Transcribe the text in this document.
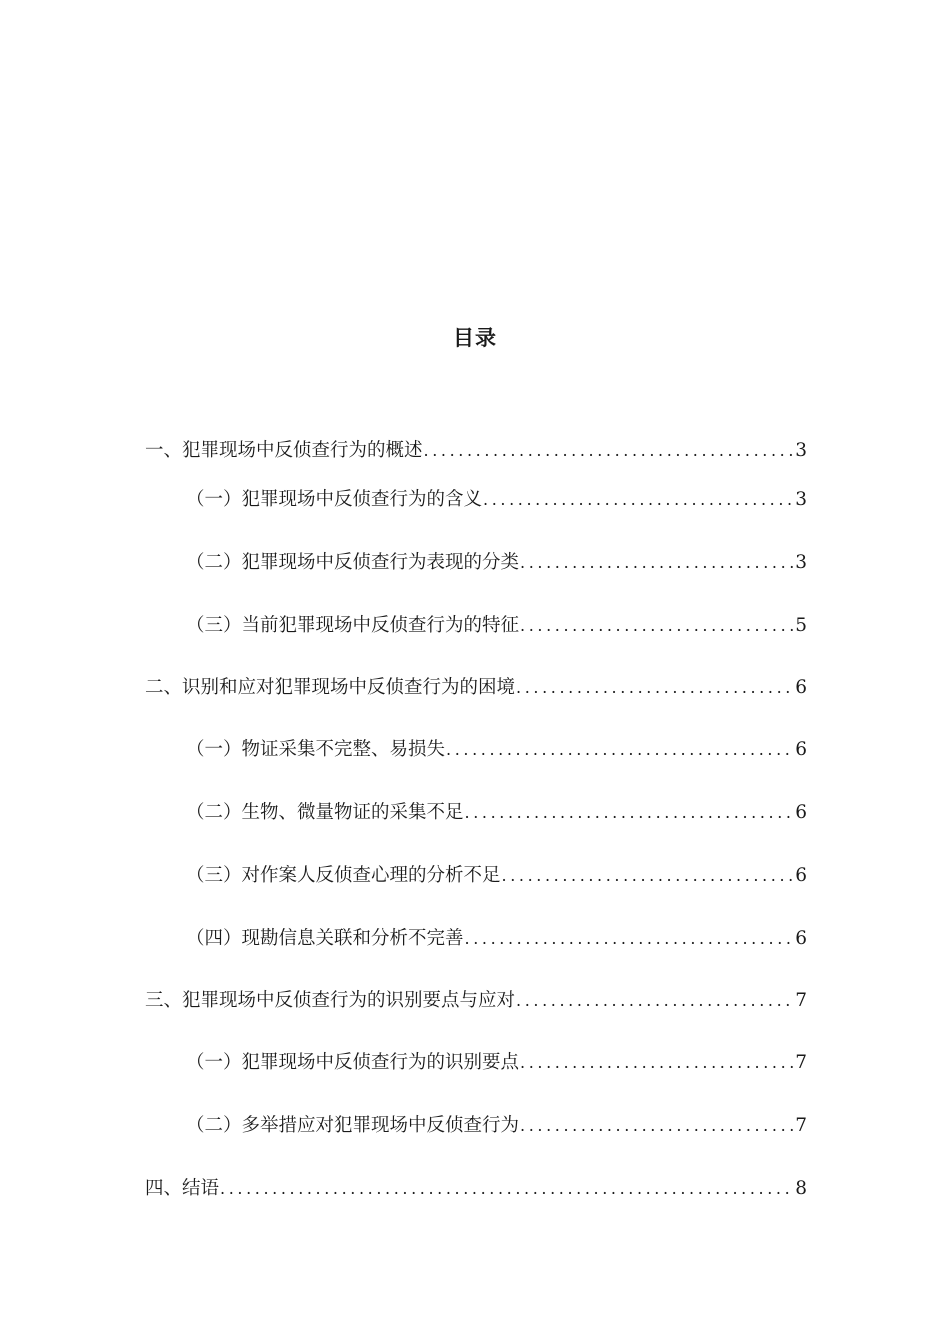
目录
一、犯罪现场中反侦查行为的概述 .....	3
（一）犯罪现场中反侦查行为的含义 .....	3
（二）犯罪现场中反侦查行为表现的分类 .....	3
（三）当前犯罪现场中反侦查行为的特征 .....	5
二、识别和应对犯罪现场中反侦查行为的困境 .....	6
（一）物证采集不完整、易损失 .....	6
（二）生物、微量物证的采集不足 .....	6
（三）对作案人反侦查心理的分析不足 .....	6
（四）现勘信息关联和分析不完善 .....	6
三、犯罪现场中反侦查行为的识别要点与应对 .....	7
（一）犯罪现场中反侦查行为的识别要点 .....	7
（二）多举措应对犯罪现场中反侦查行为 .....	7
四、结语 .....	8
